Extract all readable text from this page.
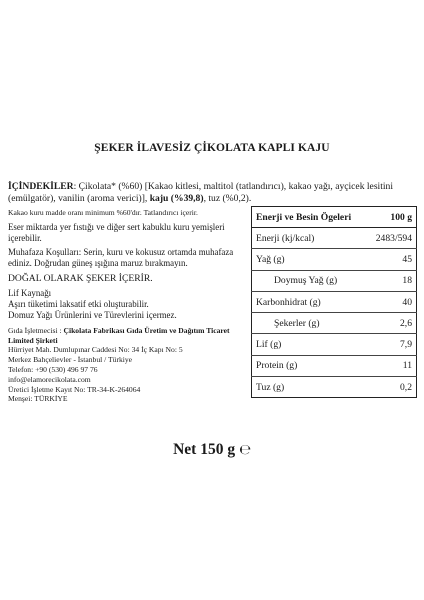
ŞEKER İLAVESİZ ÇİKOLATA KAPLI KAJU
İÇİNDEKİLER: Çikolata* (%60) [Kakao kitlesi, maltitol (tatlandırıcı), kakao yağı, ayçicek lesitini (emülgatör), vanilin (aroma verici)], kaju (%39,8), tuz (%0,2).

Kakao kuru madde oranı minimum %60'dır. Tatlandırıcı içerir.

Eser miktarda yer fıstığı ve diğer sert kabuklu kuru yemişleri içerebilir.

Muhafaza Koşulları: Serin, kuru ve kokusuz ortamda muhafaza ediniz. Doğrudan güneş ışığına maruz bırakmayın.

DOĞAL OLARAK ŞEKER İÇERİR.

Lif Kaynağı

Aşırı tüketimi laksatif etki oluşturabilir.

Domuz Yağı Ürünlerini ve Türevlerini içermez.

Gıda İşletmecisi : Çikolata Fabrikası Gıda Üretim ve Dağıtım Ticaret Limited Şirketi

Hürriyet Mah. Dumlupınar Caddesi No: 34 İç Kapı No: 5

Merkez Bahçelievler - İstanbul / Türkiye

Telefon: +90 (530) 496 97 76

info@elamorecikolata.com

Üretici İşletme Kayıt No: TR-34-K-264064

Menşei: TÜRKİYE

Enerji ve Besin Ögeleri	100 g
Enerji (kj/kcal)	2483/594
Yağ (g)	45
Doymuş Yağ (g)	18
Karbonhidrat (g)	40
Şekerler (g)	2,6
Lif (g)	7,9
Protein (g)	11
Tuz (g)	0,2
Net 150 g ℮
